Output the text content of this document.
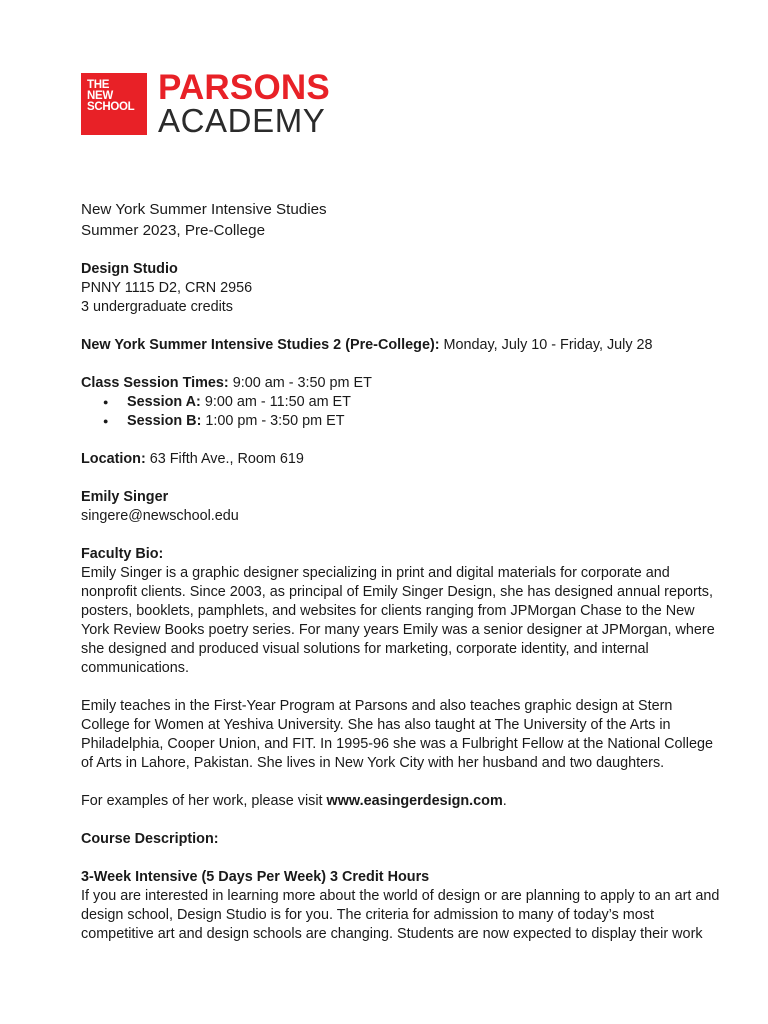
THE
NEW
SCHOOL PARSONS
ACADEMY
New York Summer Intensive Studies
Summer 2023, Pre-College
Design Studio
PNNY 1115 D2, CRN 2956
3 undergraduate credits
New York Summer Intensive Studies 2 (Pre-College): Monday, July 10 - Friday, July 28
Class Session Times: 9:00 am - 3:50 pm ET
● Session A: 9:00 am - 11:50 am ET
● Session B: 1:00 pm - 3:50 pm ET
Location: 63 Fifth Ave., Room 619
Emily Singer
singere@newschool.edu
Faculty Bio:
Emily Singer is a graphic designer specializing in print and digital materials for corporate and
nonprofit clients. Since 2003, as principal of Emily Singer Design, she has designed annual reports,
posters, booklets, pamphlets, and websites for clients ranging from JPMorgan Chase to the New
York Review Books poetry series. For many years Emily was a senior designer at JPMorgan, where
she designed and produced visual solutions for marketing, corporate identity, and internal
communications.
Emily teaches in the First-Year Program at Parsons and also teaches graphic design at Stern
College for Women at Yeshiva University. She has also taught at The University of the Arts in
Philadelphia, Cooper Union, and FIT. In 1995-96 she was a Fulbright Fellow at the National College
of Arts in Lahore, Pakistan. She lives in New York City with her husband and two daughters.
For examples of her work, please visit www.easingerdesign.com.
Course Description:
3-Week Intensive (5 Days Per Week) 3 Credit Hours
If you are interested in learning more about the world of design or are planning to apply to an art and
design school, Design Studio is for you. The criteria for admission to many of today’s most
competitive art and design schools are changing. Students are now expected to display their work
